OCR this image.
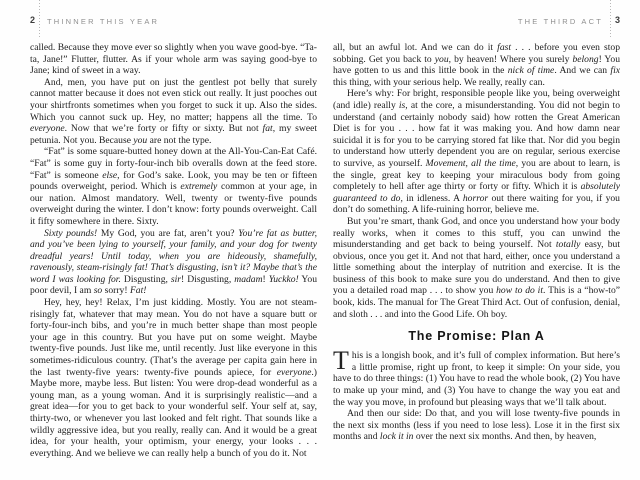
2 THINNER THIS YEAR

called. Because they move ever so slightly when you wave good-bye. “Ta-ta, Jane!” Flutter, flutter. As if your whole arm was saying good-bye to Jane; kind of sweet in a way.

And, men, you have put on just the gentlest pot belly that surely cannot matter because it does not even stick out really. It just pooches out your shirtfronts sometimes when you forget to suck it up. Also the sides. Which you cannot suck up. Hey, no matter; happens all the time. To everyone. Now that we’re forty or fifty or sixty. But not fat, my sweet petunia. Not you. Because you are not the type.

“Fat” is some square-butted honey down at the All-You-Can-Eat Café. “Fat” is some guy in forty-four-inch bib overalls down at the feed store. “Fat” is someone else, for God’s sake. Look, you may be ten or fifteen pounds overweight, period. Which is extremely common at your age, in our nation. Almost mandatory. Well, twenty or twenty-five pounds overweight during the winter. I don’t know: forty pounds overweight. Call it fifty somewhere in there. Sixty.

Sixty pounds! My God, you are fat, aren’t you? You’re fat as butter, and you’ve been lying to yourself, your family, and your dog for twenty dreadful years! Until today, when you are hideously, shamefully, ravenously, steam-risingly fat! That’s disgusting, isn’t it? Maybe that’s the word I was looking for. Disgusting, sir! Disgusting, madam! Yuckko! You poor devil, I am so sorry! Fat!

Hey, hey, hey! Relax, I’m just kidding. Mostly. You are not steam-risingly fat, whatever that may mean. You do not have a square butt or forty-four-inch bibs, and you’re in much better shape than most people your age in this country. But you have put on some weight. Maybe twenty-five pounds. Just like me, until recently. Just like everyone in this sometimes-ridiculous country. (That’s the average per capita gain here in the last twenty-five years: twenty-five pounds apiece, for everyone.) Maybe more, maybe less. But listen: You were drop-dead wonderful as a young man, as a young woman. And it is surprisingly realistic—and a great idea—for you to get back to your wonderful self. Your self at, say, thirty-two, or whenever you last looked and felt right. That sounds like a wildly aggressive idea, but you really, really can. And it would be a great idea, for your health, your optimism, your energy, your looks . . . everything. And we believe we can really help a bunch of you do it. Not

THE THIRD ACT 3

all, but an awful lot. And we can do it fast . . . before you even stop sobbing. Get you back to you, by heaven! Where you surely belong! You have gotten to us and this little book in the nick of time. And we can fix this thing, with your serious help. We really, really can.

Here’s why: For bright, responsible people like you, being overweight (and idle) really is, at the core, a misunderstanding. You did not begin to understand (and certainly nobody said) how rotten the Great American Diet is for you . . . how fat it was making you. And how damn near suicidal it is for you to be carrying stored fat like that. Nor did you begin to understand how utterly dependent you are on regular, serious exercise to survive, as yourself. Movement, all the time, you are about to learn, is the single, great key to keeping your miraculous body from going completely to hell after age thirty or forty or fifty. Which it is absolutely guaranteed to do, in idleness. A horror out there waiting for you, if you don’t do something. A life-ruining horror, believe me.

But you’re smart, thank God, and once you understand how your body really works, when it comes to this stuff, you can unwind the misunderstanding and get back to being yourself. Not totally easy, but obvious, once you get it. And not that hard, either, once you understand a little something about the interplay of nutrition and exercise. It is the business of this book to make sure you do understand. And then to give you a detailed road map . . . to show you how to do it. This is a “how-to” book, kids. The manual for The Great Third Act. Out of confusion, denial, and sloth . . . and into the Good Life. Oh boy.

The Promise: Plan A

This is a longish book, and it’s full of complex information. But here’s a little promise, right up front, to keep it simple: On your side, you have to do three things: (1) You have to read the whole book, (2) You have to make up your mind, and (3) You have to change the way you eat and the way you move, in profound but pleasing ways that we’ll talk about.

And then our side: Do that, and you will lose twenty-five pounds in the next six months (less if you need to lose less). Lose it in the first six months and lock it in over the next six months. And then, by heaven,
